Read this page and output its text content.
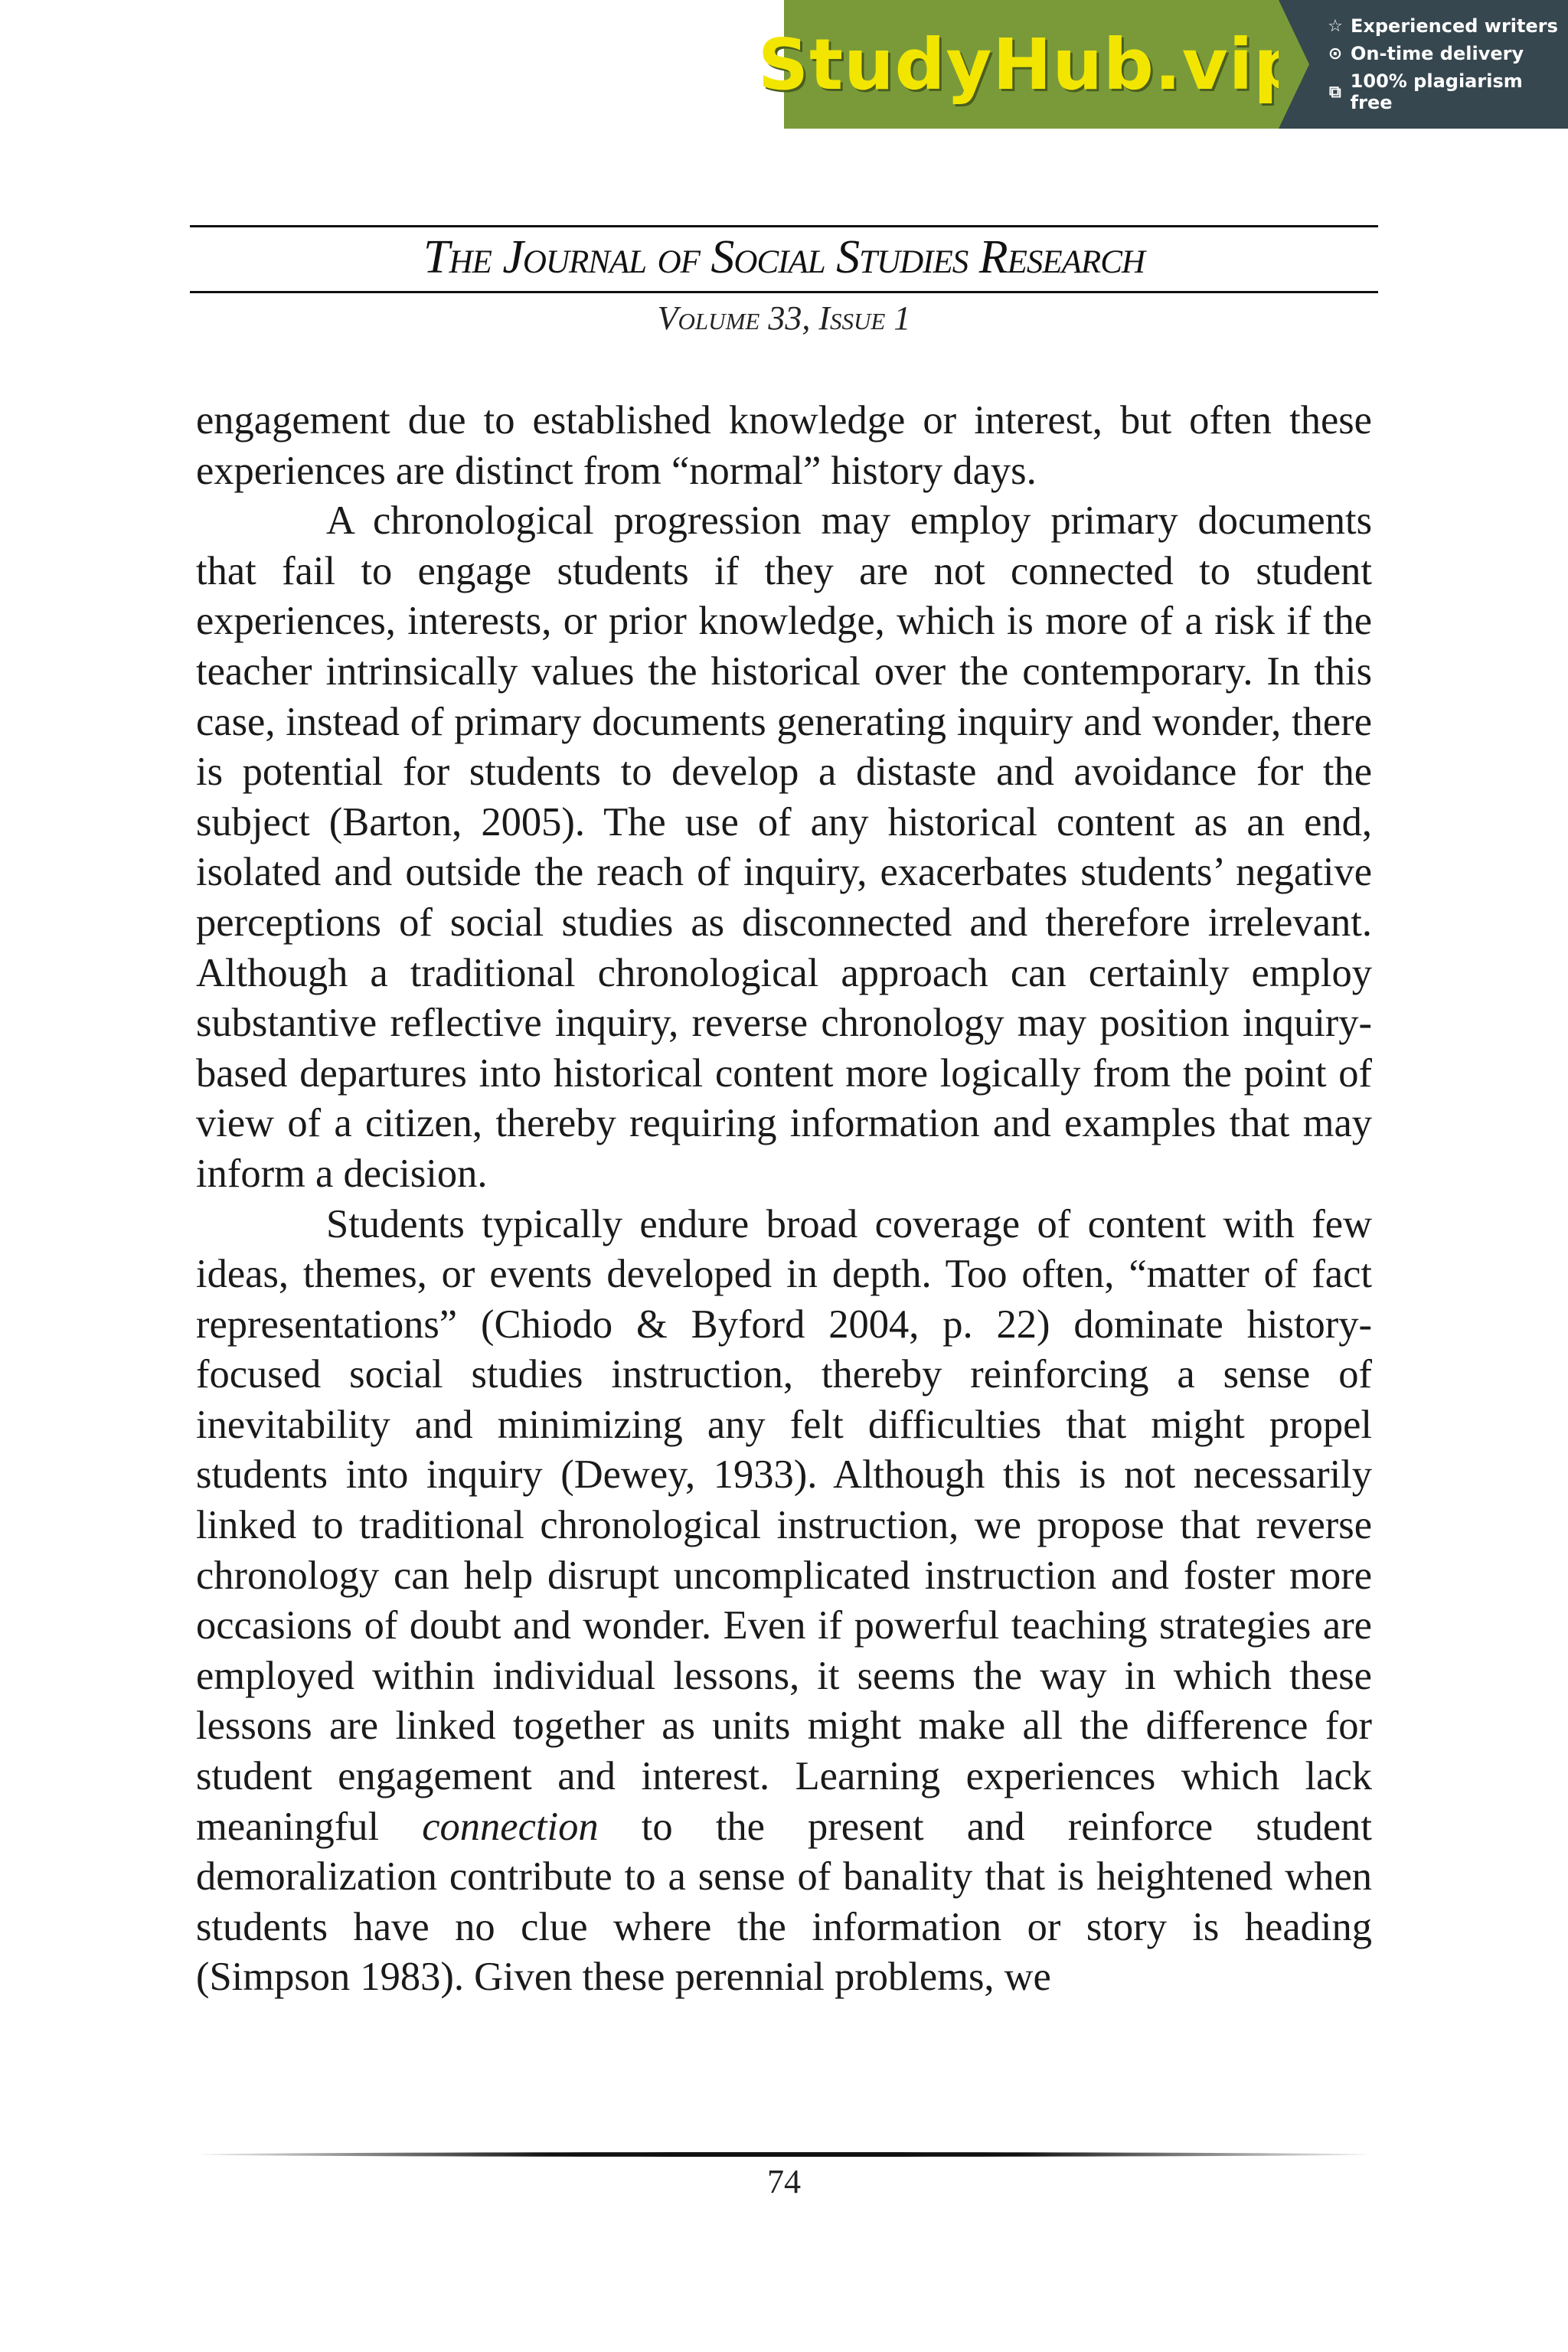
StudyHub.vip ☆ Experienced writers
⊙ On-time delivery
⧉ 100% plagiarism free
The Journal of Social Studies Research
Volume 33, Issue 1

engagement due to established knowledge or interest, but often these experiences are distinct from “normal” history days.

A chronological progression may employ primary documents that fail to engage students if they are not connected to student experiences, interests, or prior knowledge, which is more of a risk if the teacher intrinsically values the historical over the contemporary. In this case, instead of primary documents generating inquiry and wonder, there is potential for students to develop a distaste and avoidance for the subject (Barton, 2005). The use of any historical content as an end, isolated and outside the reach of inquiry, exacerbates students’ negative perceptions of social studies as disconnected and therefore irrelevant. Although a traditional chronological approach can certainly employ substantive reflective inquiry, reverse chronology may position inquiry-based departures into historical content more logically from the point of view of a citizen, thereby requiring information and examples that may inform a decision.

Students typically endure broad coverage of content with few ideas, themes, or events developed in depth. Too often, “matter of fact representations” (Chiodo & Byford 2004, p. 22) dominate history-focused social studies instruction, thereby reinforcing a sense of inevitability and minimizing any felt difficulties that might propel students into inquiry (Dewey, 1933). Although this is not necessarily linked to traditional chronological instruction, we propose that reverse chronology can help disrupt uncomplicated instruction and foster more occasions of doubt and wonder. Even if powerful teaching strategies are employed within individual lessons, it seems the way in which these lessons are linked together as units might make all the difference for student engagement and interest. Learning experiences which lack meaningful connection to the present and reinforce student demoralization contribute to a sense of banality that is heightened when students have no clue where the information or story is heading (Simpson 1983). Given these perennial problems, we

74
